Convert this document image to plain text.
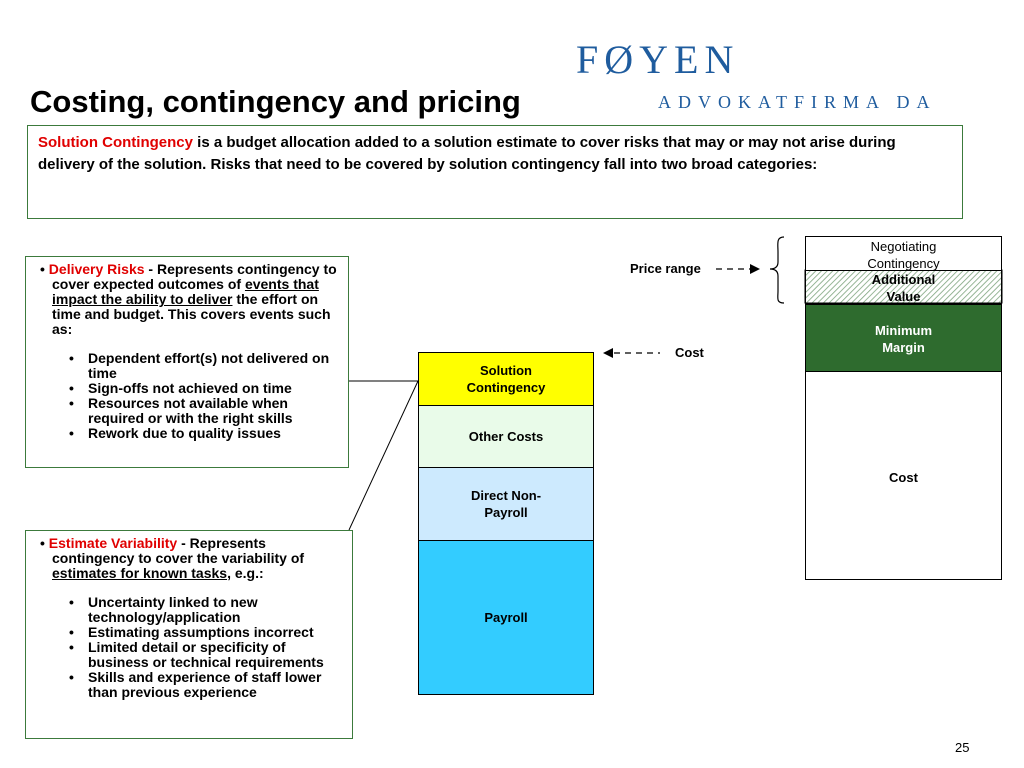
FØYEN
ADVOKATFIRMA DA
Costing, contingency and pricing
Solution Contingency is a budget allocation added to a solution estimate to cover risks that may or may not arise during delivery of the solution. Risks that need to be covered by solution contingency fall into two broad categories:
• Delivery Risks - Represents contingency to cover expected outcomes of events that impact the ability to deliver the effort on time and budget. This covers events such as:
• Dependent effort(s) not delivered on time
• Sign-offs not achieved on time
• Resources not available when required or with the right skills
• Rework due to quality issues
• Estimate Variability - Represents contingency to cover the variability of estimates for known tasks, e.g.:
• Uncertainty linked to new technology/application
• Estimating assumptions incorrect
• Limited detail or specificity of business or technical requirements
• Skills and experience of staff lower than previous experience
Solution Contingency
Other Costs
Direct Non-Payroll
Payroll
Negotiating Contingency
Additional Value
Minimum Margin
Cost
Price range
Cost
25
